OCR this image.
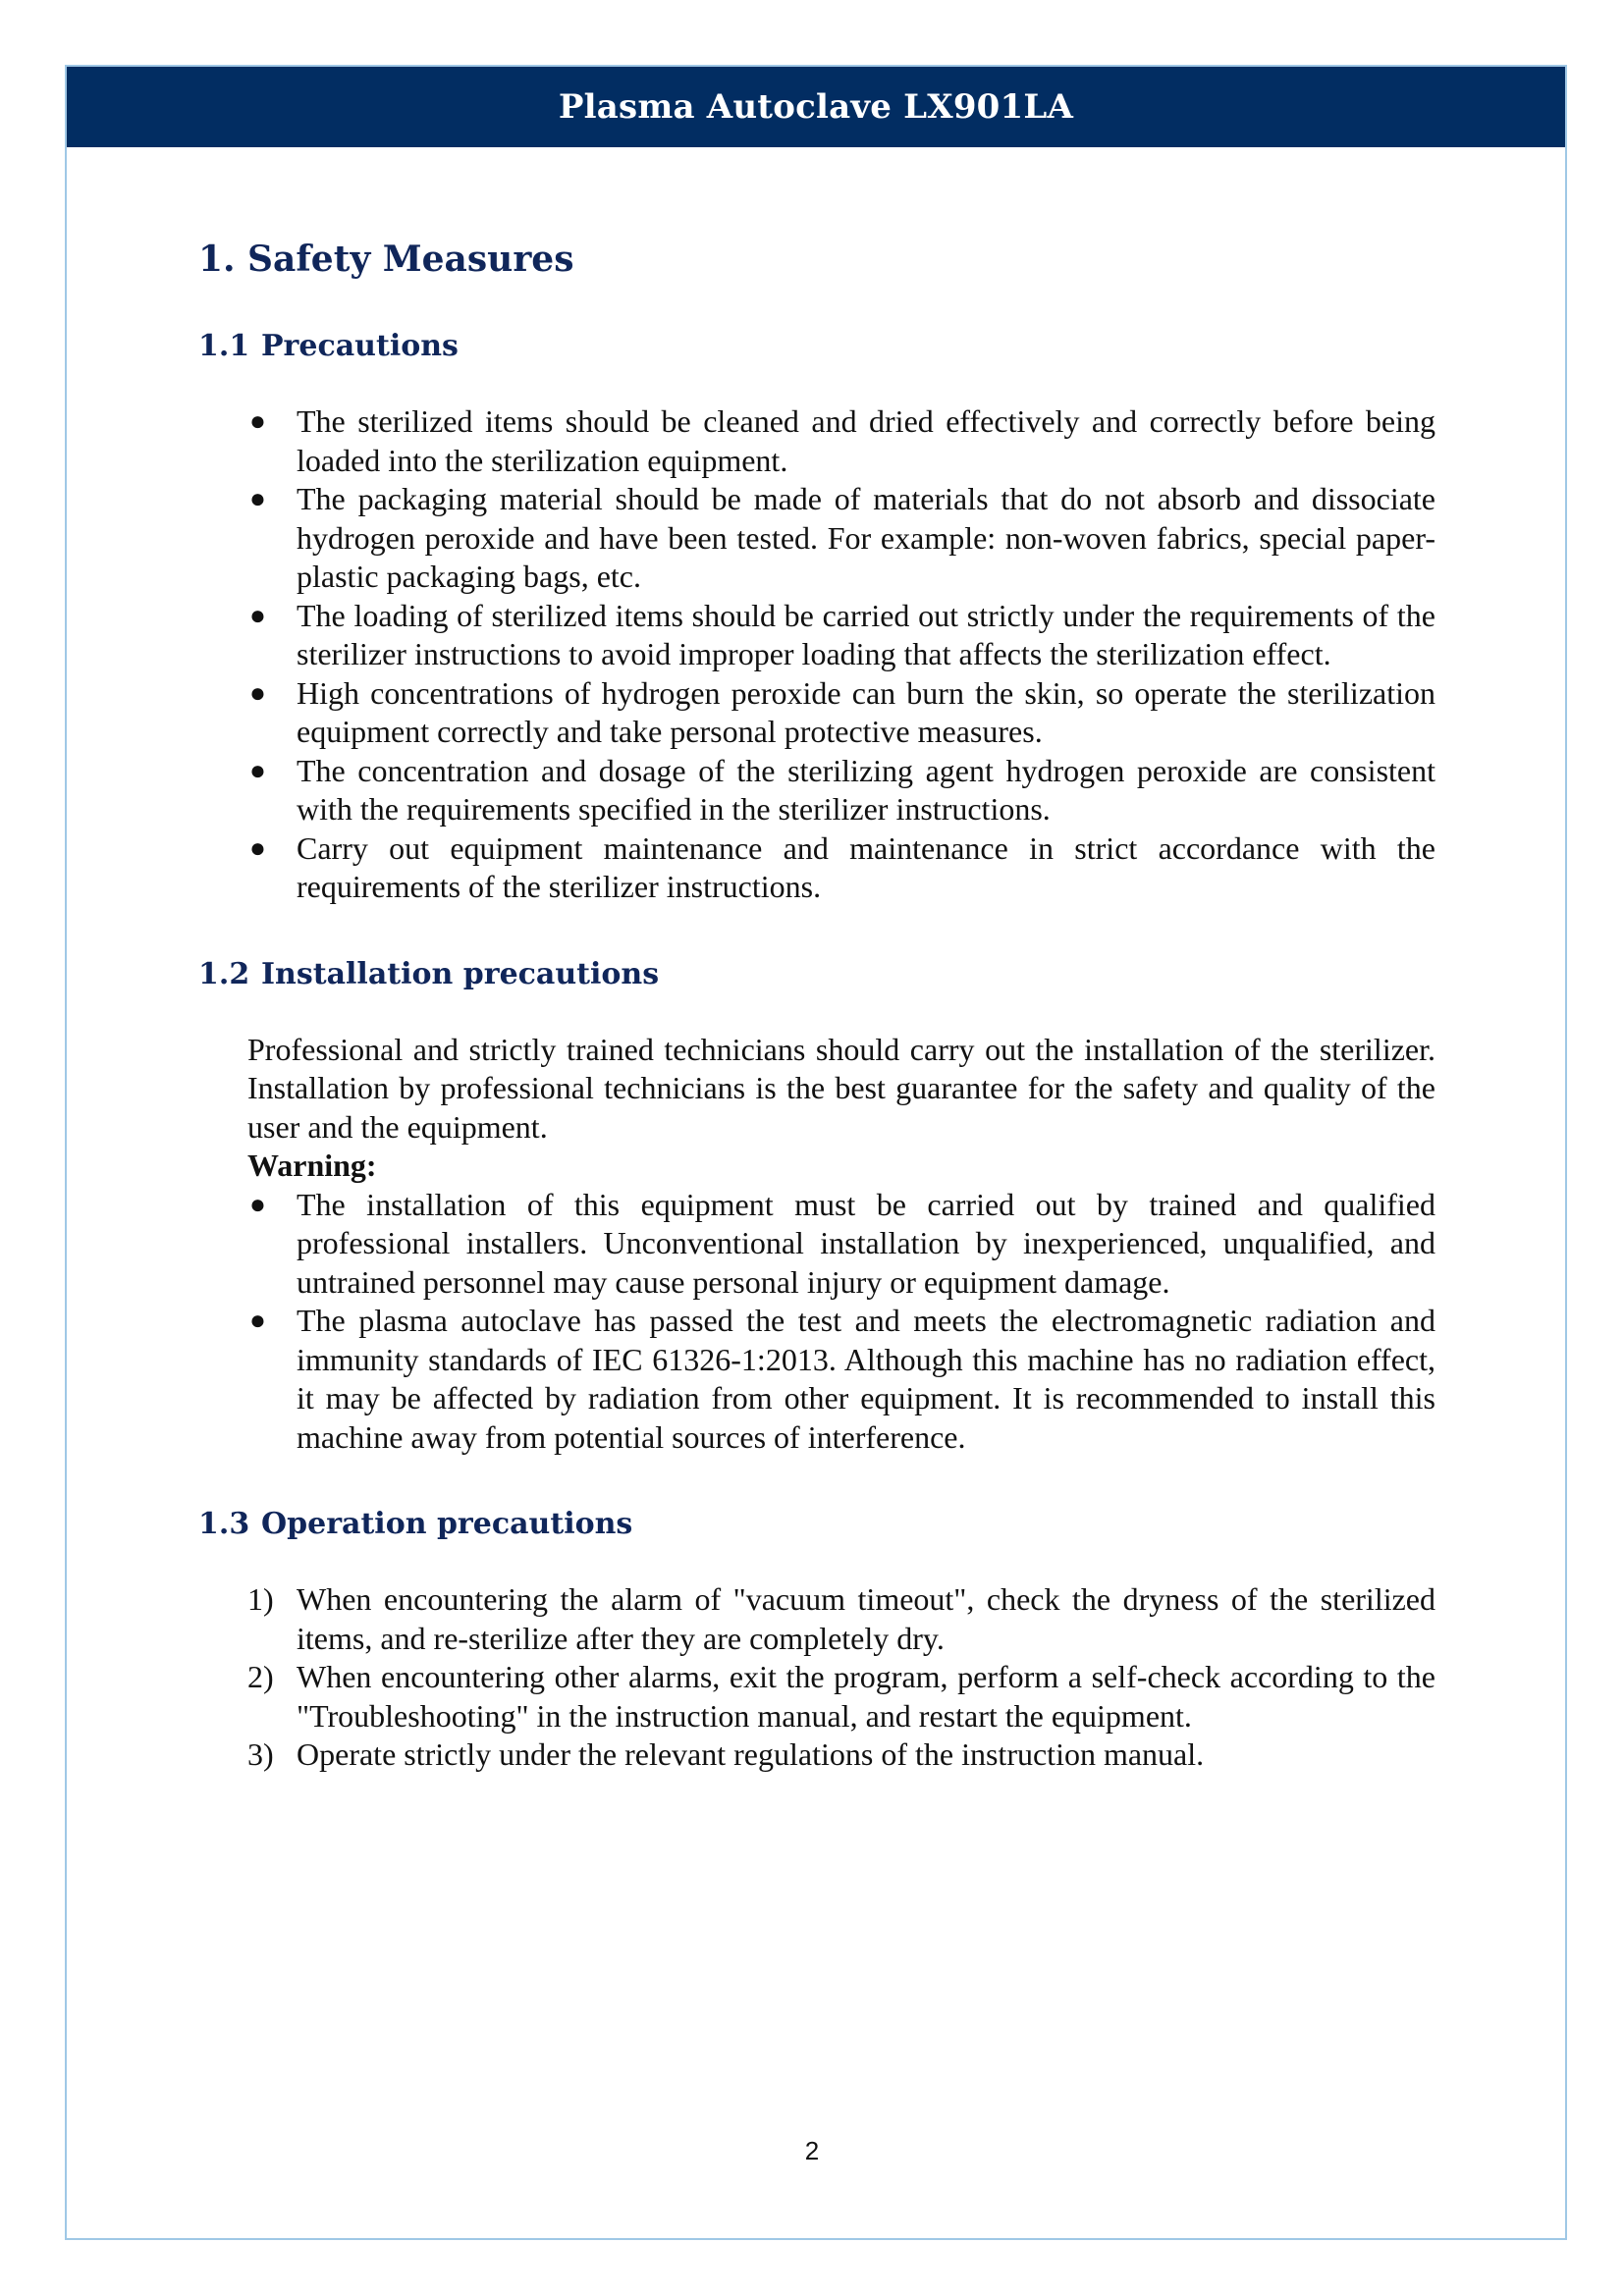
Plasma Autoclave LX901LA
1. Safety Measures
1.1 Precautions
● The sterilized items should be cleaned and dried effectively and correctly before being loaded into the sterilization equipment.
● The packaging material should be made of materials that do not absorb and dissociate hydrogen peroxide and have been tested. For example: non-woven fabrics, special paper-plastic packaging bags, etc.
● The loading of sterilized items should be carried out strictly under the requirements of the sterilizer instructions to avoid improper loading that affects the sterilization effect.
● High concentrations of hydrogen peroxide can burn the skin, so operate the sterilization equipment correctly and take personal protective measures.
● The concentration and dosage of the sterilizing agent hydrogen peroxide are consistent with the requirements specified in the sterilizer instructions.
● Carry out equipment maintenance and maintenance in strict accordance with the requirements of the sterilizer instructions.
1.2 Installation precautions
Professional and strictly trained technicians should carry out the installation of the sterilizer. Installation by professional technicians is the best guarantee for the safety and quality of the user and the equipment.
Warning:
● The installation of this equipment must be carried out by trained and qualified professional installers. Unconventional installation by inexperienced, unqualified, and untrained personnel may cause personal injury or equipment damage.
● The plasma autoclave has passed the test and meets the electromagnetic radiation and immunity standards of IEC 61326-1:2013. Although this machine has no radiation effect, it may be affected by radiation from other equipment. It is recommended to install this machine away from potential sources of interference.
1.3 Operation precautions
1) When encountering the alarm of "vacuum timeout", check the dryness of the sterilized items, and re-sterilize after they are completely dry.
2) When encountering other alarms, exit the program, perform a self-check according to the "Troubleshooting" in the instruction manual, and restart the equipment.
3) Operate strictly under the relevant regulations of the instruction manual.
2
